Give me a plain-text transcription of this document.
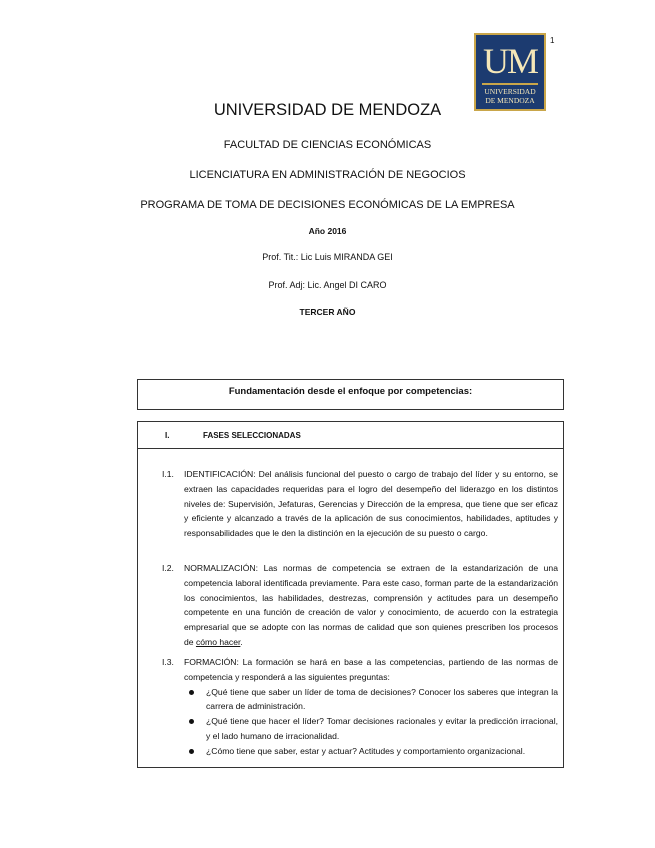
UM
UNIVERSIDAD
DE MENDOZA
1
UNIVERSIDAD DE MENDOZA
FACULTAD DE CIENCIAS ECONÓMICAS
LICENCIATURA EN ADMINISTRACIÓN DE NEGOCIOS
PROGRAMA DE TOMA DE DECISIONES ECONÓMICAS DE LA EMPRESA
Año 2016
Prof. Tit.: Lic Luis MIRANDA GEI
Prof. Adj: Lic. Angel DI CARO
TERCER AÑO
Fundamentación desde el enfoque por competencias:
I.	FASES SELECCIONADAS
I.1. IDENTIFICACIÓN: Del análisis funcional del puesto o cargo de trabajo del líder y su entorno, se extraen las capacidades requeridas para el logro del desempeño del liderazgo en los distintos niveles de: Supervisión, Jefaturas, Gerencias y Dirección de la empresa, que tiene que ser eficaz y eficiente y alcanzado a través de la aplicación de sus conocimientos, habilidades, aptitudes y responsabilidades que le den la distinción en la ejecución de su puesto o cargo.
I.2. NORMALIZACIÓN: Las normas de competencia se extraen de la estandarización de una competencia laboral identificada previamente. Para este caso, forman parte de la estandarización los conocimientos, las habilidades, destrezas, comprensión y actitudes para un desempeño competente en una función de creación de valor y conocimiento, de acuerdo con la estrategia empresarial que se adopte con las normas de calidad que son quienes prescriben los procesos de cómo hacer.
I.3. FORMACIÓN: La formación se hará en base a las competencias, partiendo de las normas de competencia y responderá a las siguientes preguntas:
¿Qué tiene que saber un líder de toma de decisiones? Conocer los saberes que integran la carrera de administración.
¿Qué tiene que hacer el líder? Tomar decisiones racionales y evitar la predicción irracional, y el lado humano de irracionalidad.
¿Cómo tiene que saber, estar y actuar? Actitudes y comportamiento organizacional.
